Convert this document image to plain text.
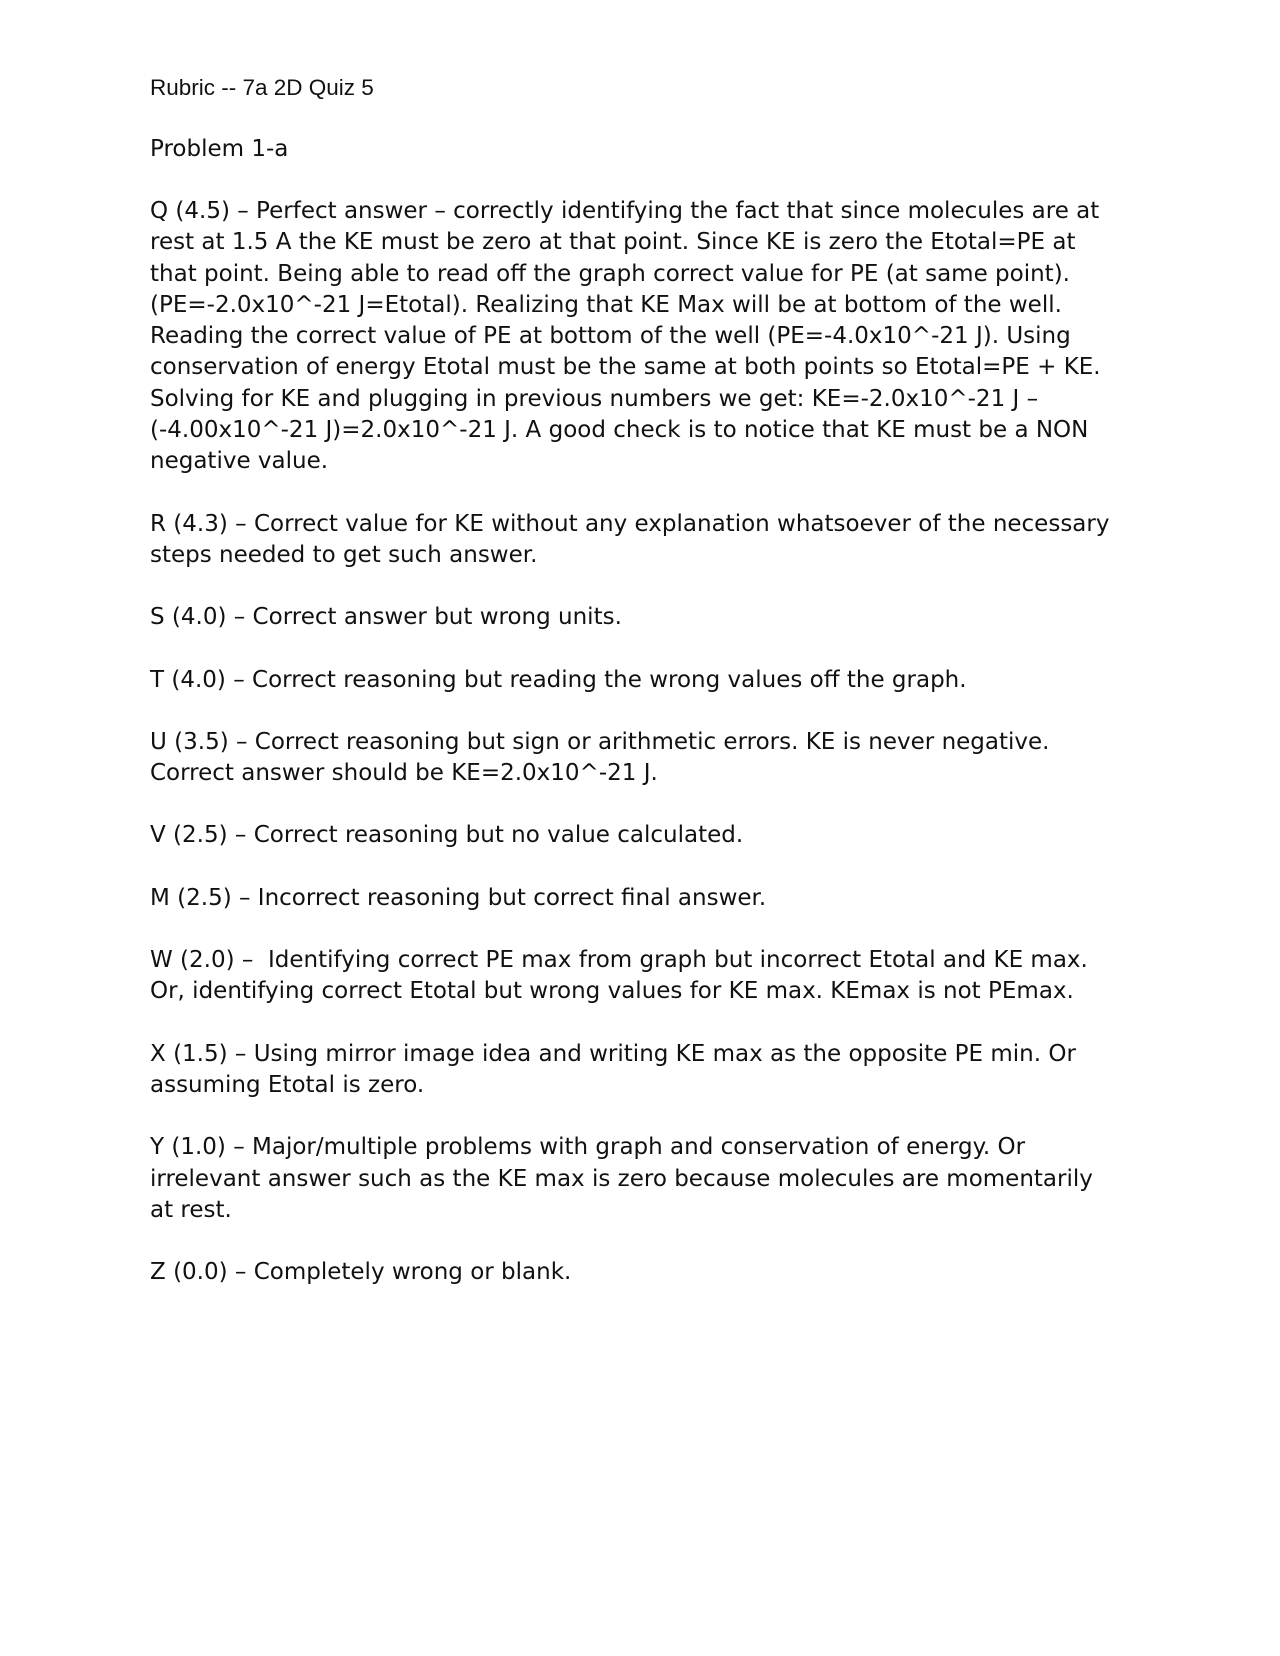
Rubric -- 7a 2D Quiz 5
Problem 1-a

Q (4.5) – Perfect answer – correctly identifying the fact that since molecules are at rest at 1.5 A the KE must be zero at that point. Since KE is zero the Etotal=PE at that point. Being able to read off the graph correct value for PE (at same point). (PE=-2.0x10^-21 J=Etotal). Realizing that KE Max will be at bottom of the well. Reading the correct value of PE at bottom of the well (PE=-4.0x10^-21 J). Using conservation of energy Etotal must be the same at both points so Etotal=PE + KE. Solving for KE and plugging in previous numbers we get: KE=-2.0x10^-21 J – (-4.00x10^-21 J)=2.0x10^-21 J. A good check is to notice that KE must be a NON negative value.

R (4.3) – Correct value for KE without any explanation whatsoever of the necessary steps needed to get such answer.

S (4.0) – Correct answer but wrong units.

T (4.0) – Correct reasoning but reading the wrong values off the graph.

U (3.5) – Correct reasoning but sign or arithmetic errors. KE is never negative. Correct answer should be KE=2.0x10^-21 J.

V (2.5) – Correct reasoning but no value calculated.

M (2.5) – Incorrect reasoning but correct final answer.

W (2.0) –  Identifying correct PE max from graph but incorrect Etotal and KE max. Or, identifying correct Etotal but wrong values for KE max. KEmax is not PEmax.

X (1.5) – Using mirror image idea and writing KE max as the opposite PE min. Or assuming Etotal is zero.

Y (1.0) – Major/multiple problems with graph and conservation of energy. Or irrelevant answer such as the KE max is zero because molecules are momentarily at rest.

Z (0.0) – Completely wrong or blank.
